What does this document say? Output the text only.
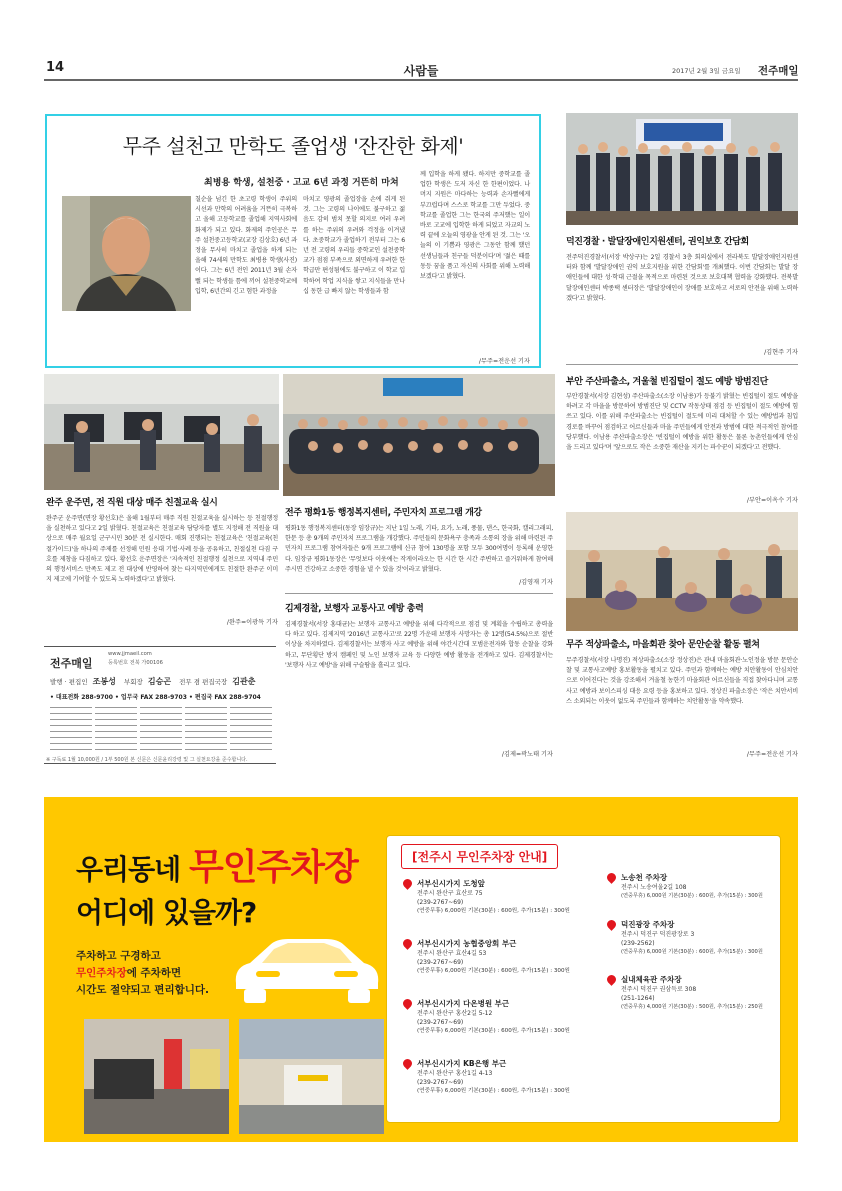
14	사람들	2017년 2월 3일 금요일 전주매일
무주 설천고 만학도 졸업생 '잔잔한 화제'
최병용 학생, 설천중 · 고교 6년 과정 거뜬히 마쳐
칠순을 넘긴 한 초고령 학생이 주위의 시선과 만학의 어려움을 거뜬히 극복하고 올해 고등학교를 졸업해 지역사회에 화제가 되고 있다. 화제의 주인공은 무주 설천중고등학교(교장 김상호) 6년 과정을 무사히 마치고 졸업을 하게 되는 올해 74세의 만학도 최병용 학생(사진)이다. 그는 6년 전인 2011년 3월 손자뻘 되는 학생들 틈에 끼어 설천중학교에 입학, 6년간의 긴고 험한 과정을
마치고 영광의 졸업장을 손에 쥐게 된 것. 그는 고령의 나이에도 불구하고 젊음도 감히 범치 못할 의지로 여러 우려를 하는 주위의 우려와 걱정을 이겨냈다. 초중학교가 졸업하기 전부터 그는 6년 전 고령의 우리들 중학교인 설천중학교가 점점 부족으로 외면하게 우려한 한 학급만 편성됨에도 불구하고 이 학교 입학하여 학업 지식을 쌓고 지식들을 만나 십 동한 급 빠지 않는 학생들과 함
께 입학을 하게 됐다. 하지만 중학교를 졸업한 학생은 도저 자신 한 한편이었다. 나머지 지원은 마다하는 능력과 손자뻘에게 부끄럽다며 스스로 학교를 그만 두었다. 중학교를 졸업한 그는 한국의 주저했는 일이 바로 고교에 입학한 하게 되었고 자교의 노력 끝에 오늘의 영광을 안게 된 것. 그는 '오늘의 이 기쁨과 영광은 그동안 함께 했던 선생님들과 친구들 덕분이다'며 '젊은 때를 동등 꿈을 품고 자신의 사회를 위해 노력해 보겠다'고 밝혔다.
/무주=전운선 기자
덕진경찰 · 발달장애인지원센터, 권익보호 간담회
전주덕진경찰서(서장 박상구)는 2일 경찰서 3층 회의실에서 전라북도 발달장애인지원센터와 함께 '발달장애인 권익 보호지원을 위한 간담회'를 개최했다. 이번 간담회는 발달 장애인들에 대한 성·학대 근절을 목적으로 마련된 것으로 보호대책 협력을 강화했다. 전북발달장애인센터 박종택 센터장은 '발달장애인이 장애를 보호하고 서로의 안전을 위해 노력하겠다'고 밝혔다.
/김현주 기자
부안 주산파출소, 겨울철 빈집털이 절도 예방 방범진단
부안경찰서(서장 김현성) 주산파출소(소장 이남용)가 등불기 밝혔는 빈집털이 절도 예방을 하려고 각 마을을 방문하여 방범진단 및 CCTV 작동상태 점검 등 빈집털이 절도 예방에 힘쓰고 있다. 이를 위해 주산파출소는 빈집털이 절도에 미리 대처할 수 있는 예방법과 침입 경로를 바꾸어 점검하고 어르신들과 마을 주민들에게 안전과 방범에 대한 적극적인 참여를 당부했다. 이남용 주산파출소장은 '빈집털이 예방을 위한 활동은 물론 농촌인들에게 안심을 드리고 있다'며 '앞으로도 작은 소중한 재산을 지키는 파수꾼이 되겠다'고 전했다.
/부안=이옥수 기자
완주 운주면, 전 직원 대상 매주 친절교육 실시
완주군 운주면(면장 황선호)은 올해 1월부터 매주 직원 친절교육을 실시하는 등 친절행정을 실천하고 있다고 2일 밝혔다. 친절교육은 친절교육 담당자를 별도 지정해 전 직원을 대상으로 매주 월요일 군구시민 30분 전 실시한다. 매회 진행되는 친절교육은 '친절교육(친절가이드)'을 하나의 주제를 선정해 민원 응대 기법·사례 등을 공유하고, 친절실천 다짐 구호를 제창을 다짐하고 있다. 황선호 운주면장은 '지속적인 친절행정 실천으로 지역내 주민의 행정서비스 만족도 제고 전 대상에 반영하여 찾는 타지역민에게도 친절한 완주군 이미지 제고에 기여할 수 있도록 노력하겠다'고 밝혔다.
/완주=이광득 기자
전주 평화1동 행정복지센터, 주민자치 프로그램 개강
평화1동 행정복지센터(동장 임장규)는 지난 1일 노래, 기타, 요가, 노래, 풍물, 댄스, 한국화, 캘리그래피, 한문 등 총 9개의 주민자치 프로그램을 개강했다. 주민들의 문화욕구 충족과 소통의 장을 위해 마련된 주민자치 프로그램 참여자들은 9개 프로그램에 신규 참여 130명을 포함 모두 300여명이 등록해 운영한다. 임장규 평화1동장은 '무엇보다 이웃에는 작게이라오는 한 시간 한 시간 주변하고 즐거워하게 참여해주시면 건강하고 소중한 경험을 낼 수 있을 것'이라고 밝혔다.
/김영재 기자
김제경찰, 보행자 교통사고 예방 총력
김제경찰서(서장 홍대균)는 보행자 교통사고 예방을 위해 다각적으로 점검 및 계획을 수립하고 총력을 다 하고 있다. 김제지역 '2016년 교통사고'로 22명 가운데 보행자 사망자는 총 12명(54.5%)으로 절반 이상을 차지하였다. 김제경찰서는 보행자 사고 예방을 위해 야간시간대 모범운전자와 합동 순찰을 강화하고, 무단횡단 방지 캠페인 및 노인 보행자 교육 등 다양한 예방 활동을 전개하고 있다. 김제경찰서는 '보행자 사고 예방'을 위해 구슬땀을 흘리고 있다.
/김제=곽노태 기자
무주 적상파출소, 마을회관 찾아 문안순찰 활동 펼쳐
무주경찰서(서장 나명진) 적상파출소(소장 정상진)은 관내 마을회관·노인정을 방문 문안순찰 및 교통사고예방 홍보활동을 펼치고 있다. 주민과 함께하는 예방 치안활동이 안심치안으로 이어진다는 것을 강조해서 겨울철 농한기 마을회관 어르신들을 직접 찾아다니며 교통사고 예방과 보이스피싱 대응 요령 등을 홍보하고 있다. 정상진 파출소장은 '작은 치안서비스 소외되는 이웃이 없도록 주민들과 함께하는 치안활동'을 약속했다.
/무주=전운선 기자
전주매일
www.jjmaeil.com
등록번호 전북 가00106
발행 · 편집인 조봉성 부회장 김승곤 전무 겸 편집국장 김관춘
• 대표전화 288-9700 • 업무국 FAX 288-9703 • 편집국 FAX 288-9704
※ 구독료 1월 10,000원 / 1부 500원 본 신문은 신문윤리강령 및 그 실천요강을 준수합니다.
우리동네 무인주차장
어디에 있을까?
주차하고 구경하고
무인주차장에 주차하면
시간도 절약되고 편리합니다.
[전주시 무인주차장 안내]
서부신시가지 도청앞
전주시 완산구 효산로 75
(239-2767~69)
(연중무휴) 6,000원 기본(30분) : 600원, 추가(15분) : 300원
서부신시가지 농협중앙회 부근
전주시 완산구 효산4길 53
(239-2767~69)
(연중무휴) 6,000원 기본(30분) : 600원, 추가(15분) : 300원
서부신시가지 다온병원 부근
전주시 완산구 홍산2길 5-12
(239-2767~69)
(연중무휴) 6,000원 기본(30분) : 600원, 추가(15분) : 300원
서부신시가지 KB은행 부근
전주시 완산구 홍산1길 4-13
(239-2767~69)
(연중무휴) 6,000원 기본(30분) : 600원, 추가(15분) : 300원
노송천 주차장
전주시 노송여울2길 108
(연중무휴) 6,000원 기본(30분) : 600원, 추가(15분) : 300원
덕진광장 주차장
전주시 덕진구 덕진광장로 3
(239-2562)
(연중무휴) 6,000원 기본(30분) : 600원, 추가(15분) : 300원
실내체육관 주차장
전주시 덕진구 권삼득로 308
(251-1264)
(연중무휴) 4,000원 기본(30분) : 500원, 추가(15분) : 250원
